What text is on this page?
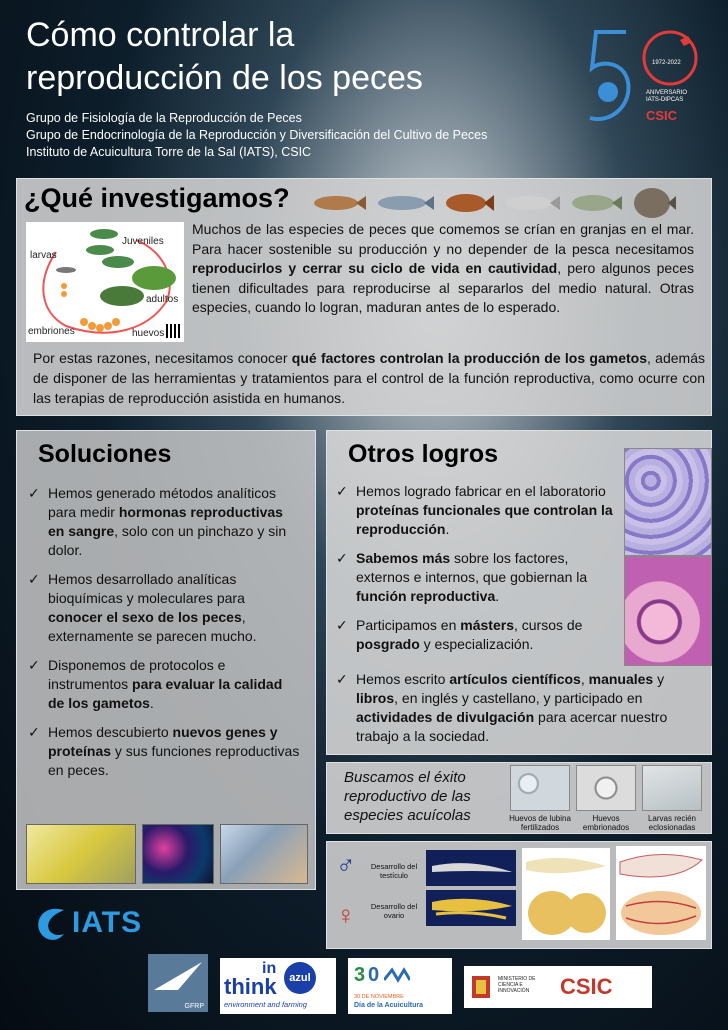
Cómo controlar la
reproducción de los peces
Grupo de Fisiología de la Reproducción de Peces
Grupo de Endocrinología de la Reproducción y Diversificación del Cultivo de Peces
Instituto de Acuicultura Torre de la Sal (IATS), CSIC
1972-2022
ANIVERSARIO
IATS-DIPCAS
CSIC
¿Qué investigamos?
larvas
Juveniles
adultos
embriones	huevos
Muchos de las especies de peces que comemos se crían en granjas en el mar. Para hacer sostenible su producción y no depender de la pesca necesitamos reproducirlos y cerrar su ciclo de vida en cautividad, pero algunos peces tienen dificultades para reproducirse al separarlos del medio natural. Otras especies, cuando lo logran, maduran antes de lo esperado.
Por estas razones, necesitamos conocer qué factores controlan la producción de los gametos, además de disponer de las herramientas y tratamientos para el control de la función reproductiva, como ocurre con las terapias de reproducción asistida en humanos.
Soluciones
✓ Hemos generado métodos analíticos para medir hormonas reproductivas en sangre, solo con un pinchazo y sin dolor.
✓ Hemos desarrollado analíticas bioquímicas y moleculares para conocer el sexo de los peces, externamente se parecen mucho.
✓ Disponemos de protocolos e instrumentos para evaluar la calidad de los gametos.
✓ Hemos descubierto nuevos genes y proteínas y sus funciones reproductivas en peces.
Otros logros
✓ Hemos logrado fabricar en el laboratorio proteínas funcionales que controlan la reproducción.
✓ Sabemos más sobre los factores, externos e internos, que gobiernan la función reproductiva.
✓ Participamos en másters, cursos de posgrado y especialización.
✓ Hemos escrito artículos científicos, manuales y libros, en inglés y castellano, y participado en actividades de divulgación para acercar nuestro trabajo a la sociedad.
Buscamos el éxito reproductivo de las especies acuícolas	Huevos de lubina fertilizados
Huevos embrionados
Larvas recién eclosionadas
♂
♀
Desarrollo del testículo
Desarrollo del ovario
IATS
GFRP
in
think	azul
environment and farming
3 0
30 DE NOVIEMBRE
Día de la Acuicultura
MINISTERIO DE CIENCIA E INNOVACIÓN	CSIC
